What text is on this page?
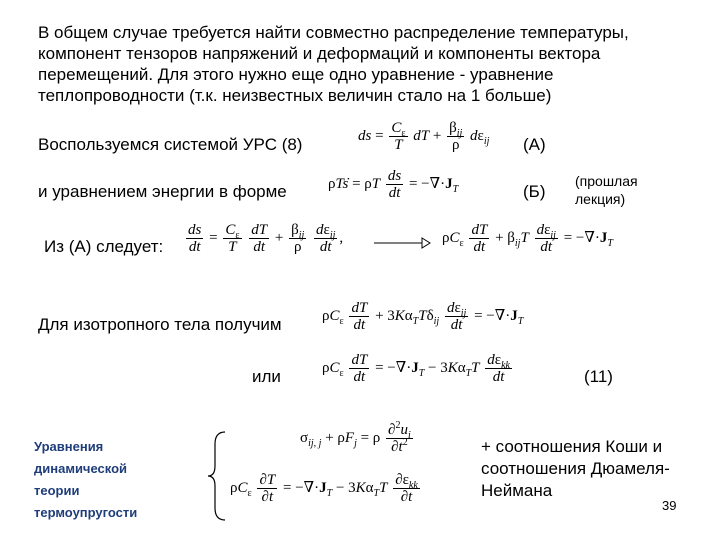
В общем случае требуется найти совместно распределение температуры,
компонент тензоров напряжений и деформаций и компоненты вектора
перемещений. Для этого нужно еще одно уравнение - уравнение
теплопроводности (т.к. неизвестных величин стало на 1 больше)
Воспользуемся системой УРС (8)	ds = $\frac{C_\varepsilon}{T}$ dT + $\frac{\beta_{ij}}{\rho} d\varepsilon_{ij}$ (А)
и уравнением энергии в форме	ρTṡ = ρT $\frac{ds}{dt} = -\nabla\cdot J_T$	(Б)
(прошлая
лекция)
Из (А) следует: $\frac{ds}{dt} = \frac{C_\varepsilon}{T}$
$\frac{dT}{dt} + \frac{\beta_{ij}}{\rho}$
$\frac{d\varepsilon_{ij}}{dt}$ ,	$\rho C_\varepsilon \frac{dT}{dt} + \beta_{ij}T \frac{d\varepsilon_{ij}}{dt} = -\nabla\cdot J_T$
Для изотропного тела получим	$\rho C_\varepsilon \frac{dT}{dt} + 3K\alpha_TT\delta_{ij} \frac{d\varepsilon_{ij}}{dt} = -\nabla\cdot J_T$
или	$\rho C_\varepsilon \frac{dT}{dt} = -\nabla\cdot J_T - 3K\alpha_TT \frac{d\varepsilon_{kk}}{dt}$	(11)
Уравнения
динамической
теории
термоупругости
$\sigma_{ij, j} + \rho F_j = \rho \frac{\partial^2u_i}{\partial t^2}$
$\rho C_\varepsilon \frac{\partial T}{\partial t} = -\nabla\cdot J_T - 3K\alpha_TT \frac{\partial\varepsilon_{kk}}{\partial t}$
+ соотношения Коши и
соотношения Дюамеля-
Неймана
39
